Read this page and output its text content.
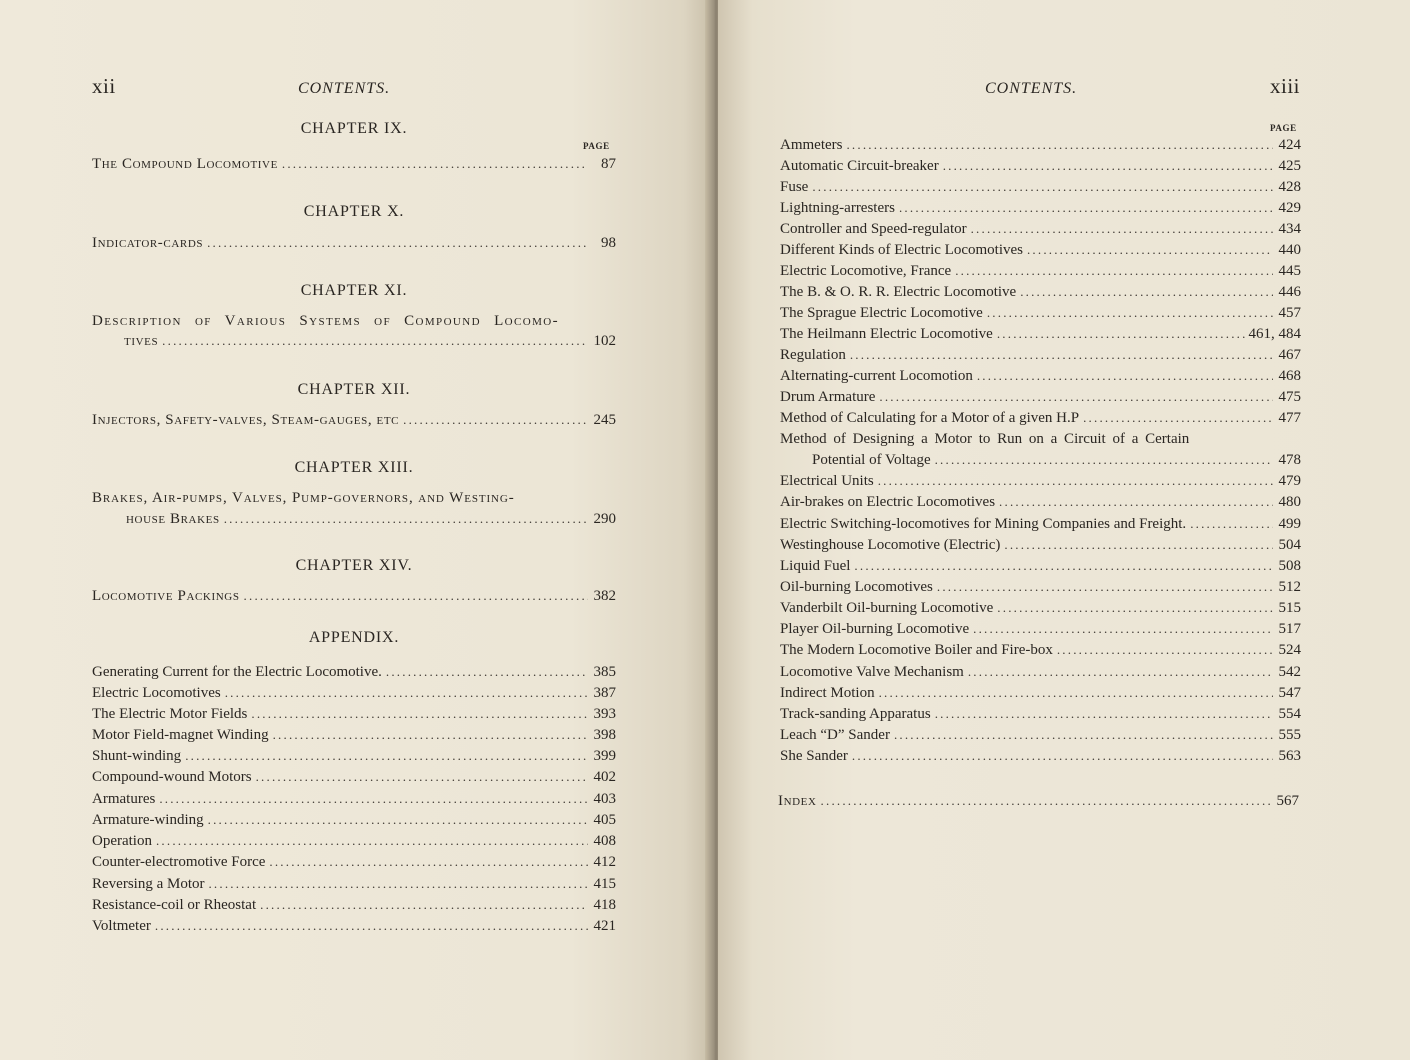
xii	CONTENTS.
CHAPTER IX.
PAGE
The Compound Locomotive .....	87
CHAPTER X.
Indicator-cards .....	98
CHAPTER XI.
Description of Various Systems of Compound Locomo-
tives .....	102
CHAPTER XII.
Injectors, Safety-valves, Steam-gauges, etc .....	245
CHAPTER XIII.
Brakes, Air-pumps, Valves, Pump-governors, and Westing-
house Brakes .....	290
CHAPTER XIV.
Locomotive Packings .....	382
APPENDIX.
Generating Current for the Electric Locomotive. .....	385
Electric Locomotives .....	387
The Electric Motor Fields .....	393
Motor Field-magnet Winding .....	398
Shunt-winding .....	399
Compound-wound Motors .....	402
Armatures .....	403
Armature-winding .....	405
Operation .....	408
Counter-electromotive Force .....	412
Reversing a Motor .....	415
Resistance-coil or Rheostat .....	418
Voltmeter .....	421
CONTENTS.	xiii
PAGE
Ammeters .....	424
Automatic Circuit-breaker .....	425
Fuse .....	428
Lightning-arresters .....	429
Controller and Speed-regulator .....	434
Different Kinds of Electric Locomotives .....	440
Electric Locomotive, France .....	445
The B. & O. R. R. Electric Locomotive .....	446
The Sprague Electric Locomotive .....	457
The Heilmann Electric Locomotive .....	461, 484
Regulation .....	467
Alternating-current Locomotion .....	468
Drum Armature .....	475
Method of Calculating for a Motor of a given H.P .....	477
Method of Designing a Motor to Run on a Circuit of a Certain
Potential of Voltage .....	478
Electrical Units .....	479
Air-brakes on Electric Locomotives .....	480
Electric Switching-locomotives for Mining Companies and Freight. .....	499
Westinghouse Locomotive (Electric) .....	504
Liquid Fuel .....	508
Oil-burning Locomotives .....	512
Vanderbilt Oil-burning Locomotive .....	515
Player Oil-burning Locomotive .....	517
The Modern Locomotive Boiler and Fire-box .....	524
Locomotive Valve Mechanism .....	542
Indirect Motion .....	547
Track-sanding Apparatus .....	554
Leach “D” Sander .....	555
She Sander .....	563
Index .....	567
